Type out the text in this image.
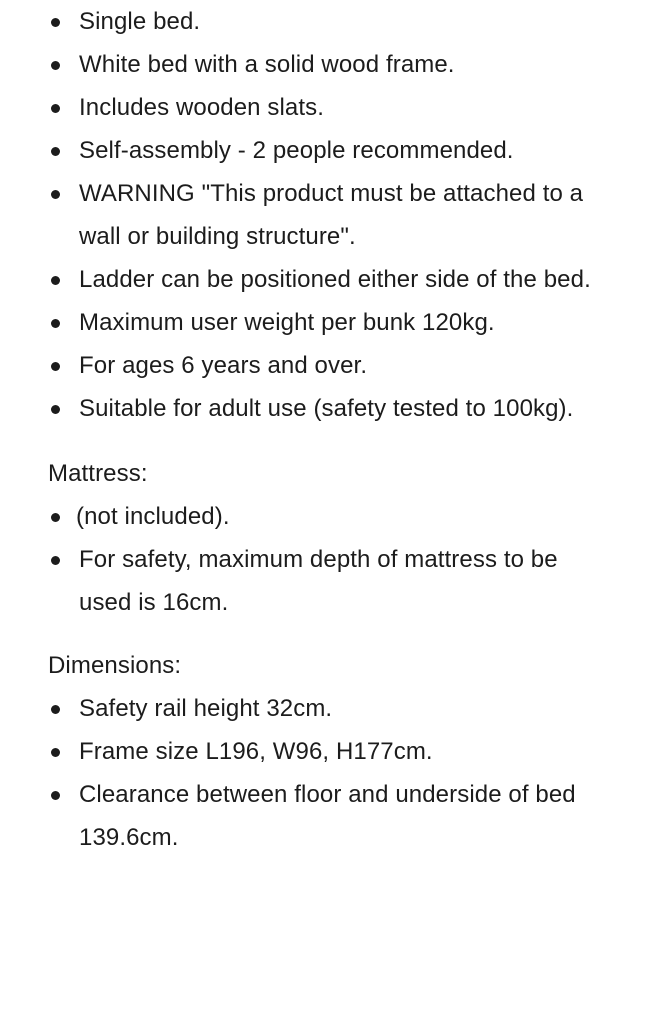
Single bed.
White bed with a solid wood frame.
Includes wooden slats.
Self-assembly - 2 people recommended.
WARNING "This product must be attached to a wall or building structure".
Ladder can be positioned either side of the bed.
Maximum user weight per bunk 120kg.
For ages 6 years and over.
Suitable for adult use (safety tested to 100kg).

Mattress:

(not included).
For safety, maximum depth of mattress to be used is 16cm.

Dimensions:

Safety rail height 32cm.
Frame size L196, W96, H177cm.
Clearance between floor and underside of bed 139.6cm.
